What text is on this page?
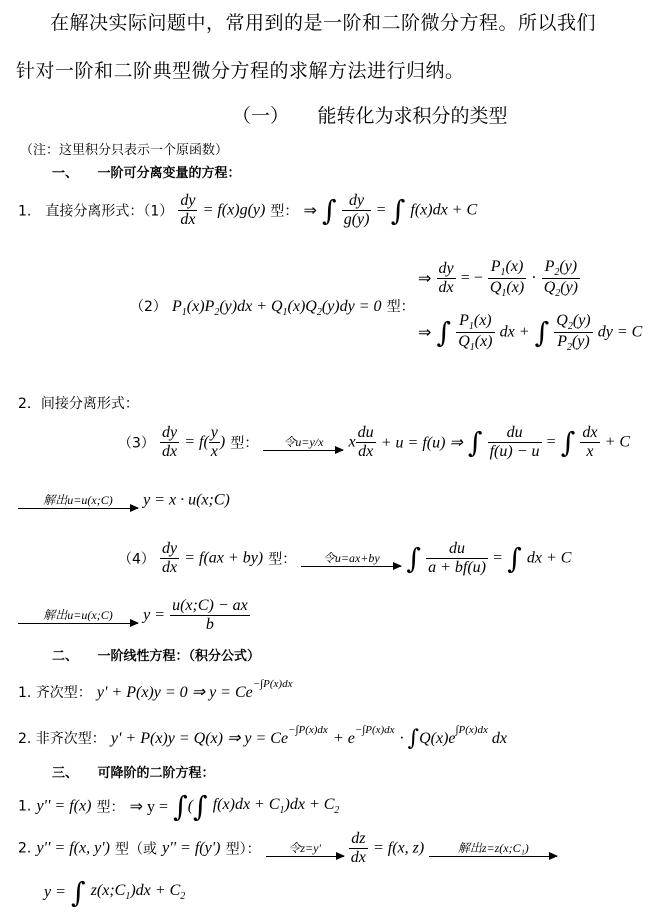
在解决实际问题中，常用到的是一阶和二阶微分方程。所以我们
针对一阶和二阶典型微分方程的求解方法进行归纳。
（一）　　能转化为求积分的类型
（注：这里积分只表示一个原函数）
一、　　一阶可分离变量的方程：
1.　直接分离形式：$(1) \frac{dy}{dx} = f(x)g(y)$ 型： ⇒ ∫ $\frac{dy}{g(y)}$ = ∫ f(x)dx + C
（2） $P_1(x)P_2(y)dx + Q_1(x)Q_2(y)dy = 0$ 型：
⇒ $\frac{dy}{dx}$ = − $\frac{P_1(x)}{Q_1(x)} \cdot \frac{P_2(y)}{Q_2(y)}$
⇒ ∫ $\frac{P_1(x)}{Q_1(x)}$ dx + ∫ $\frac{Q_2(y)}{P_2(y)}$ dy = C
2．间接分离形式：
$(3) \frac{dy}{dx} = f( \frac{y}{x}$ ) 型：	令u=y/x	x $\frac{du}{dx} + u = f(u)$ ⇒ ∫ $\frac{du}{f(u) - u}$ = ∫ $\frac{dx}{x} + C$
解出u=u(x;C)	y = x · u(x;C)
$(4) \frac{dy}{dx} = f(ax + by)$ 型：	令u=ax+by ∫ $\frac{du}{a + bf(u)}$ = ∫ dx + C
解出u=u(x;C)	$y = \frac{u(x;C) - ax}{b}$
二、　　一阶线性方程：（积分公式）
1. 齐次型： y' + P(x)y = 0 ⇒ $y = Ce^{-\int P(x)dx}$
2. 非齐次型： y' + P(x)y = Q(x) ⇒ $y = Ce^{-\int P(x)dx} + e^{-\int P(x)dx} \cdot \int Q(x)e^{\int P(x)dx}$ dx
三、　　可降阶的二阶方程：
1. y'' = f(x) 型： ⇒ y = ∫(∫ $f(x)dx + C_1)dx + C_2$
2. y'' = f(x, y') 型（或 y'' = f(y') 型）：	令z=y'
	$\frac{dz}{dx} = f(x$, z)	解出z=z(x;C₁)
y = ∫ $z(x;C_1)dx + C_2$
